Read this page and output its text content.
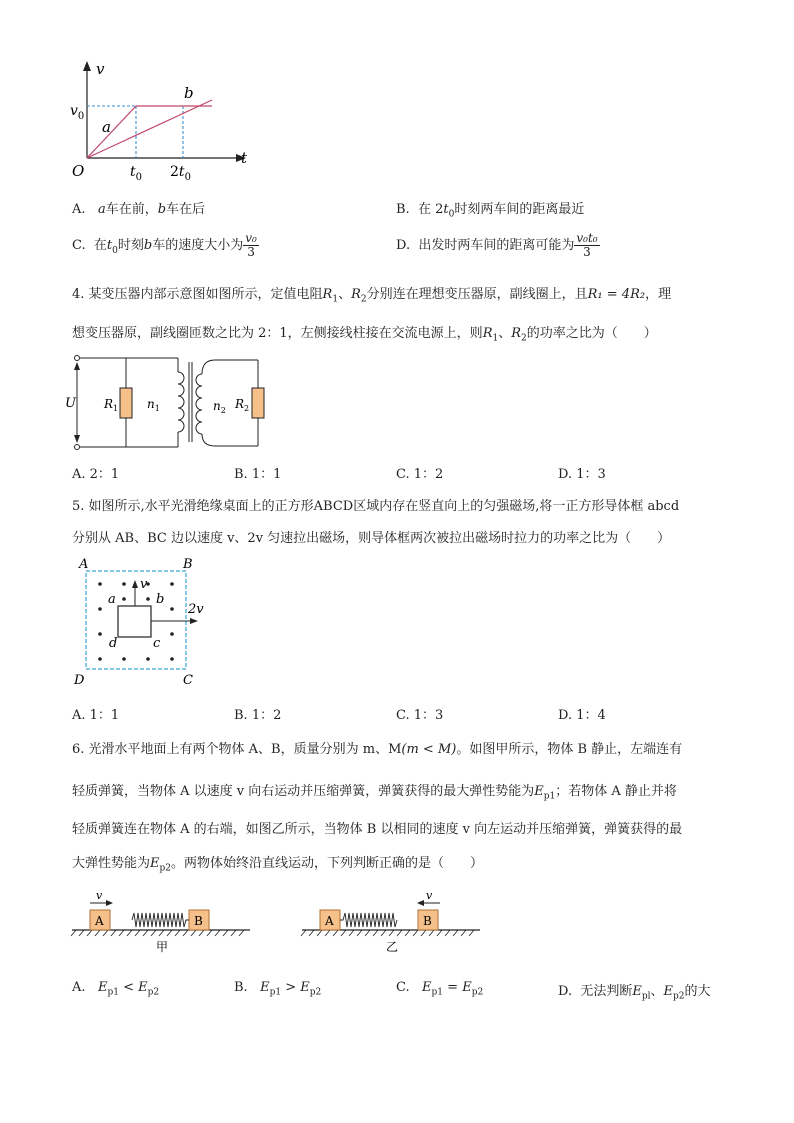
v
t
O
$v_0$
$t_0$ $2t_0$
a
b
A. a车在前，b车在后	B. 在 $2t_0$时刻两车间的距离最近
C. 在$t_0$时刻b车的速度大小为 $\frac{\text{v₀}}{3}$	D. 出发时两车间的距离可能为 $\frac{\text{v₀t₀}}{3}$
4. 某变压器内部示意图如图所示，定值电阻$R_1$、$R_2$分别连在理想变压器原，副线圈上，且R₁ = 4R₂，理
想变压器原，副线圈匝数之比为 2：1，左侧接线柱接在交流电源上，则$R_1$、$R_2$的功率之比为（　　）
U $R_1$ $n_1$	$n_2$ $R_2$
A. 2：1	B. 1：1	C. 1：2	D. 1：3
5. 如图所示,水平光滑绝缘桌面上的正方形ABCD区域内存在竖直向上的匀强磁场,将一正方形导体框 abcd
分别从 AB、BC 边以速度 v、2v 匀速拉出磁场，则导体框两次被拉出磁场时拉力的功率之比为（　　）
A	B
C
D
a	b
c
d
v
2v
A. 1：1	B. 1：2	C. 1：3	D. 1：4
6. 光滑水平地面上有两个物体 A、B，质量分别为 m、M(m < M)。如图甲所示，物体 B 静止，左端连有
轻质弹簧，当物体 A 以速度 v 向右运动并压缩弹簧，弹簧获得的最大弹性势能为$E_{p1}$；若物体 A 静止并将
轻质弹簧连在物体 A 的右端，如图乙所示，当物体 B 以相同的速度 v 向左运动并压缩弹簧，弹簧获得的最
大弹性势能为$E_{p2}$。两物体始终沿直线运动，下列判断正确的是（　　）
A	B
v
甲
A	B
v
乙
A. $E_{p1} < E_{p2}$	B. $E_{p1} > E_{p2}$	C. $E_{p1} = E_{p2}$	D. 无法判断$E_{pl}$、$E_{p2}$的大
